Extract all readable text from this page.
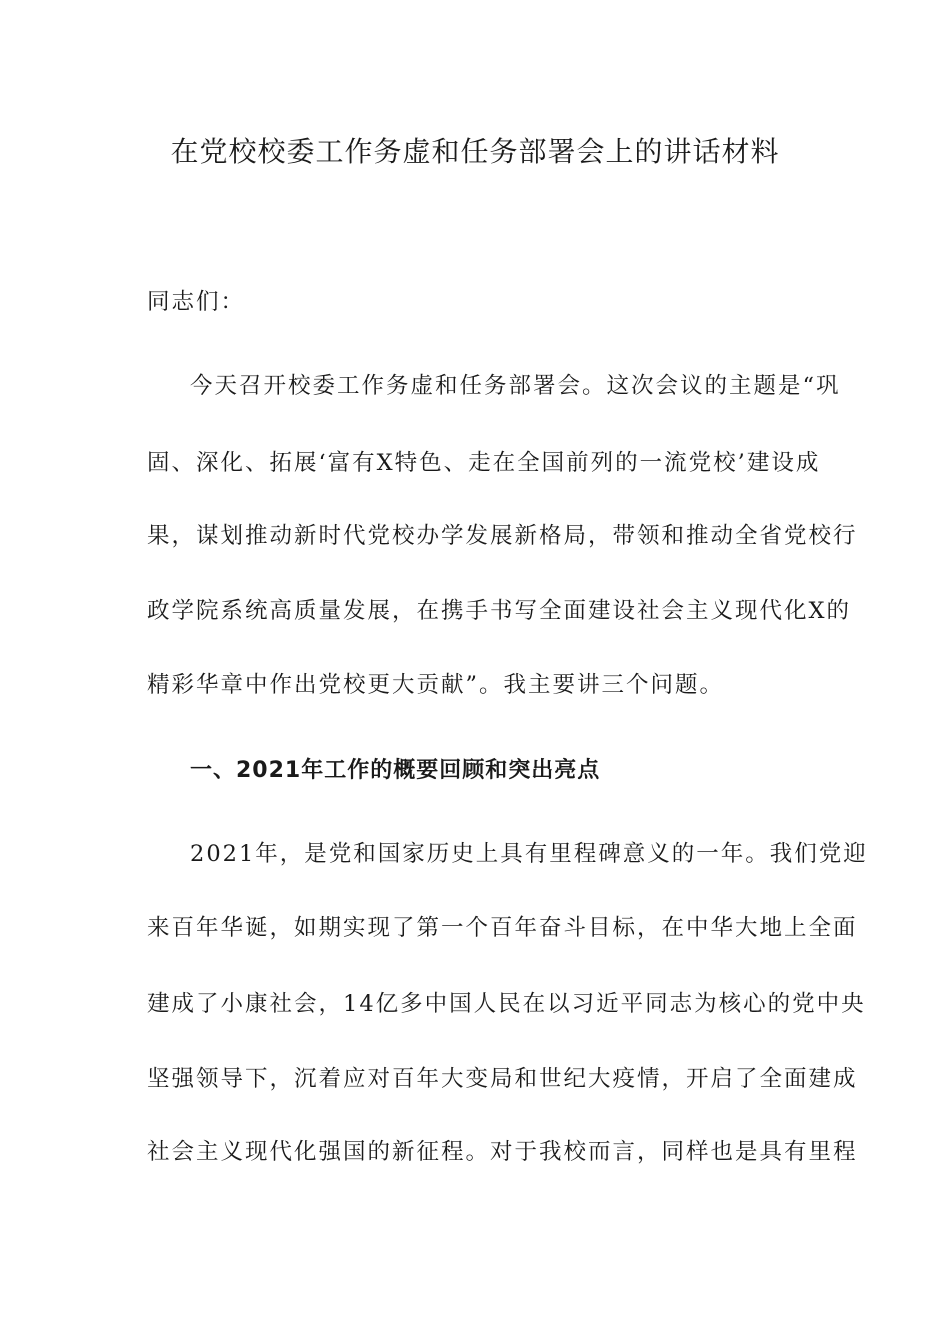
在党校校委工作务虚和任务部署会上的讲话材料
同志们：
今天召开校委工作务虚和任务部署会。这次会议的主题是“巩
固、深化、拓展‘富有X特色、走在全国前列的一流党校’建设成
果，谋划推动新时代党校办学发展新格局，带领和推动全省党校行
政学院系统高质量发展，在携手书写全面建设社会主义现代化X的
精彩华章中作出党校更大贡献”。我主要讲三个问题。
一、2021年工作的概要回顾和突出亮点
2021年，是党和国家历史上具有里程碑意义的一年。我们党迎
来百年华诞，如期实现了第一个百年奋斗目标，在中华大地上全面
建成了小康社会，14亿多中国人民在以习近平同志为核心的党中央
坚强领导下，沉着应对百年大变局和世纪大疫情，开启了全面建成
社会主义现代化强国的新征程。对于我校而言，同样也是具有里程
